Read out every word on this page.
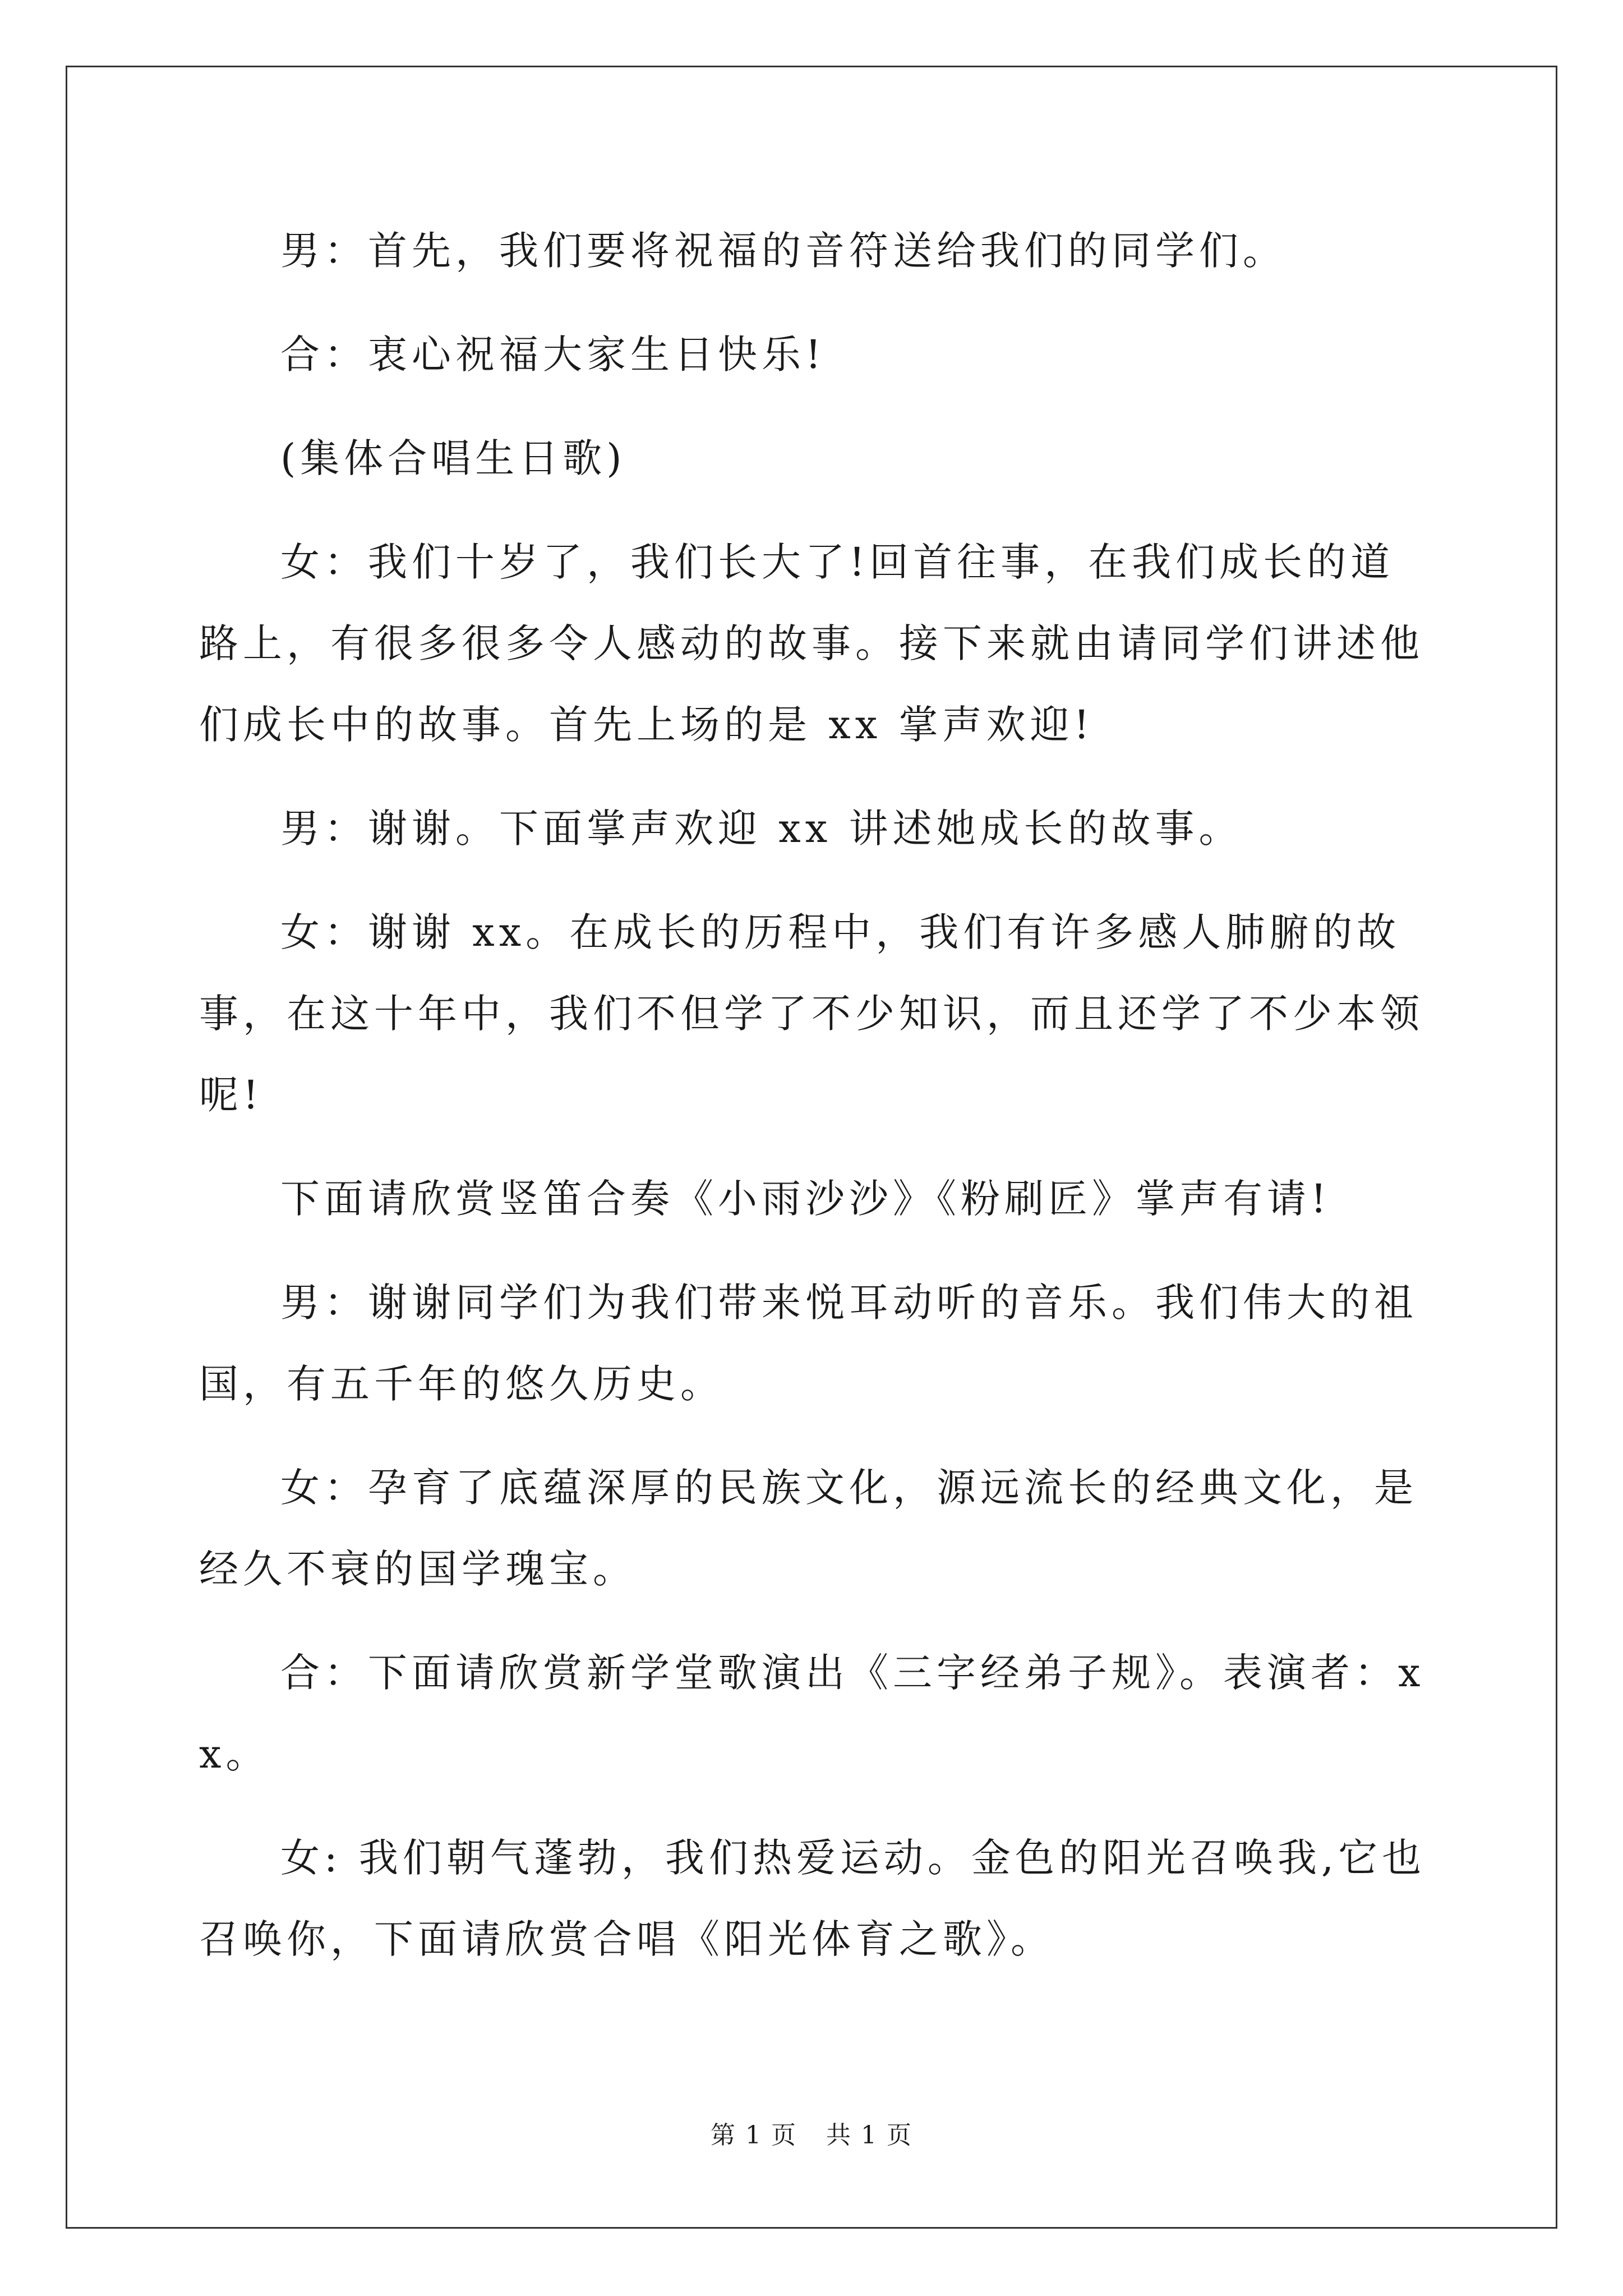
男：首先，我们要将祝福的音符送给我们的同学们。

合：衷心祝福大家生日快乐!

(集体合唱生日歌)

女：我们十岁了，我们长大了!回首往事，在我们成长的道路上，有很多很多令人感动的故事。接下来就由请同学们讲述他们成长中的故事。首先上场的是 xx 掌声欢迎!

男：谢谢。下面掌声欢迎 xx 讲述她成长的故事。

女：谢谢 xx。在成长的历程中，我们有许多感人肺腑的故事，在这十年中，我们不但学了不少知识，而且还学了不少本领呢!

下面请欣赏竖笛合奏《小雨沙沙》《粉刷匠》掌声有请!

男：谢谢同学们为我们带来悦耳动听的音乐。我们伟大的祖国，有五千年的悠久历史。

女：孕育了底蕴深厚的民族文化，源远流长的经典文化，是经久不衰的国学瑰宝。

合：下面请欣赏新学堂歌演出《三字经弟子规》。表演者：xx。

女: 我们朝气蓬勃，我们热爱运动。金色的阳光召唤我,它也召唤你，下面请欣赏合唱《阳光体育之歌》。

第 1 页 共 1 页
